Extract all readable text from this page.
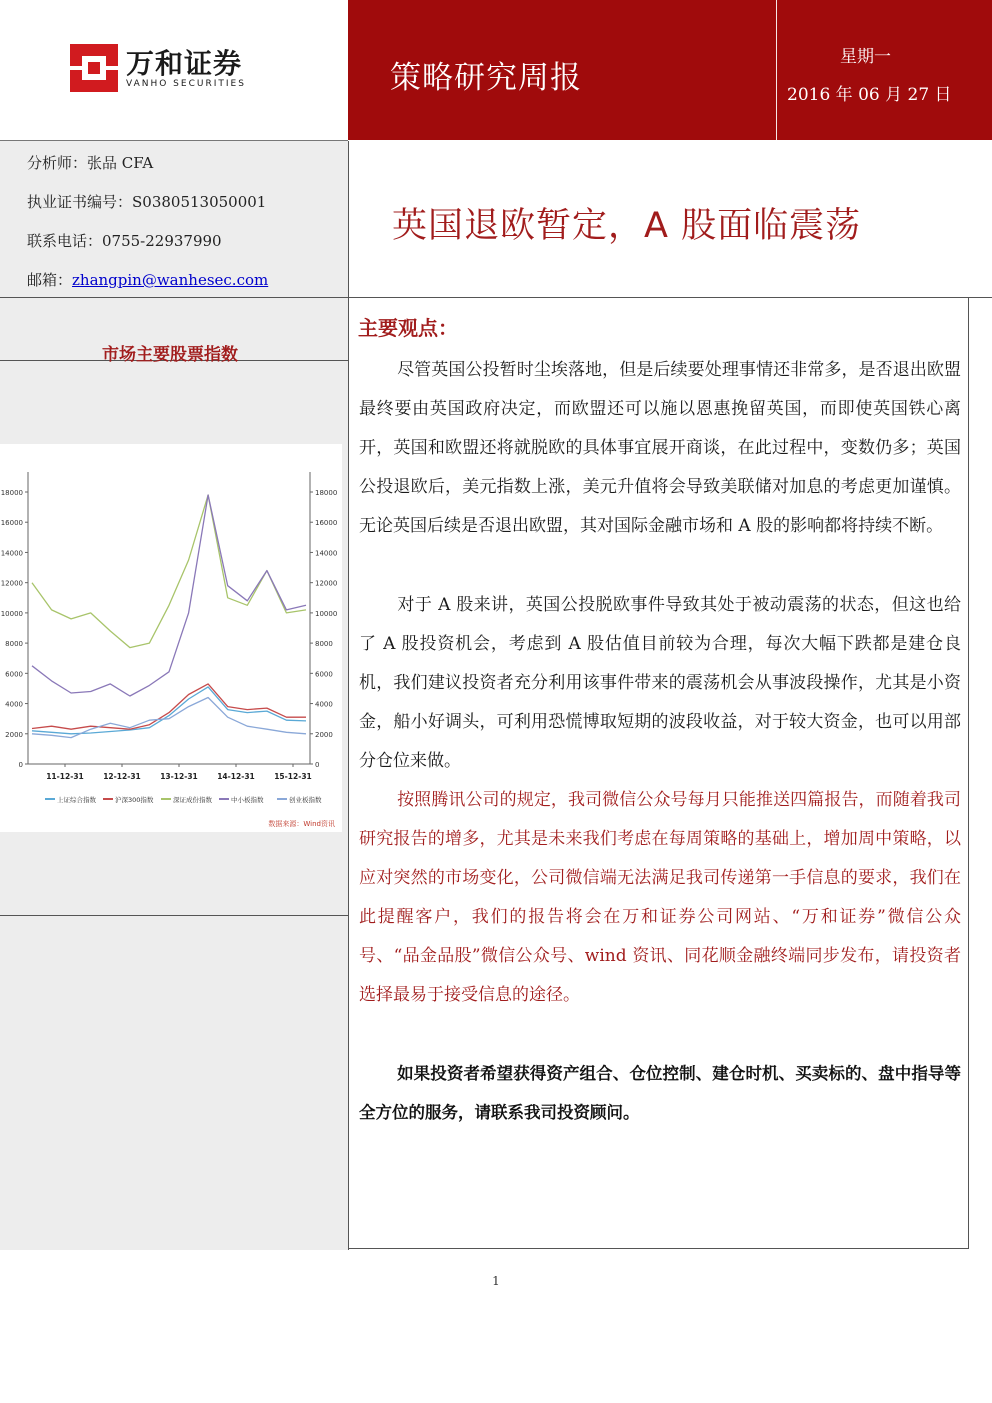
万和证券
VANHO SECURITIES	策略研究周报
星期一
2016 年 06 月 27 日
分析师：张品 CFA
执业证书编号：S0380513050001
联系电话：0755-22937990
邮箱：zhangpin@wanhesec.com
英国退欧暂定，A 股面临震荡
市场主要股票指数
0
2000
4000
6000
8000
10000
12000
14000
16000
18000
0
2000
4000
6000
8000
10000
12000
14000
16000
18000
11-12-31	12-12-31	13-12-31	14-12-31	15-12-31
上证综合指数	沪深300指数	深证成份指数	中小板指数	创业板指数
数据来源：Wind资讯
主要观点：
尽管英国公投暂时尘埃落地，但是后续要处理事情还非常多，是否退出欧盟最终要由英国政府决定，而欧盟还可以施以恩惠挽留英国，而即使英国铁心离开，英国和欧盟还将就脱欧的具体事宜展开商谈，在此过程中，变数仍多；英国公投退欧后，美元指数上涨，美元升值将会导致美联储对加息的考虑更加谨慎。无论英国后续是否退出欧盟，其对国际金融市场和 A 股的影响都将持续不断。
对于 A 股来讲，英国公投脱欧事件导致其处于被动震荡的状态，但这也给了 A 股投资机会，考虑到 A 股估值目前较为合理，每次大幅下跌都是建仓良机，我们建议投资者充分利用该事件带来的震荡机会从事波段操作，尤其是小资金，船小好调头，可利用恐慌博取短期的波段收益，对于较大资金，也可以用部分仓位来做。
按照腾讯公司的规定，我司微信公众号每月只能推送四篇报告，而随着我司研究报告的增多，尤其是未来我们考虑在每周策略的基础上，增加周中策略，以应对突然的市场变化，公司微信端无法满足我司传递第一手信息的要求，我们在此提醒客户，我们的报告将会在万和证券公司网站、“万和证券”微信公众号、“品金品股”微信公众号、wind 资讯、同花顺金融终端同步发布，请投资者选择最易于接受信息的途径。
如果投资者希望获得资产组合、仓位控制、建仓时机、买卖标的、盘中指导等全方位的服务，请联系我司投资顾问。
1
